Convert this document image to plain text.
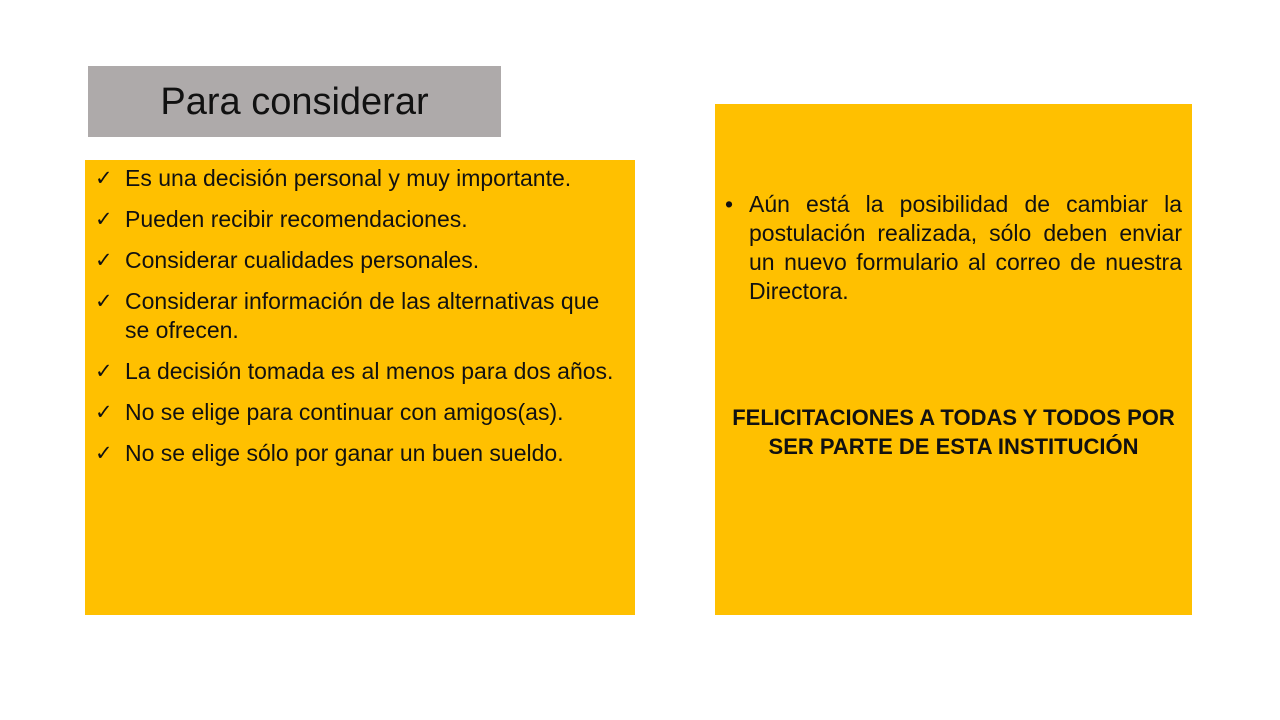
Para considerar
✓ Es una decisión personal y muy importante.
✓ Pueden recibir recomendaciones.
✓ Considerar cualidades personales.
✓ Considerar información de las alternativas que se ofrecen.
✓ La decisión tomada es al menos para dos años.
✓ No se elige para continuar con amigos(as).
✓ No se elige sólo por ganar un buen sueldo.

• Aún está la posibilidad de cambiar la postulación realizada, sólo deben enviar un nuevo formulario al correo de nuestra Directora.

FELICITACIONES A TODAS Y TODOS POR SER PARTE DE ESTA INSTITUCIÓN
